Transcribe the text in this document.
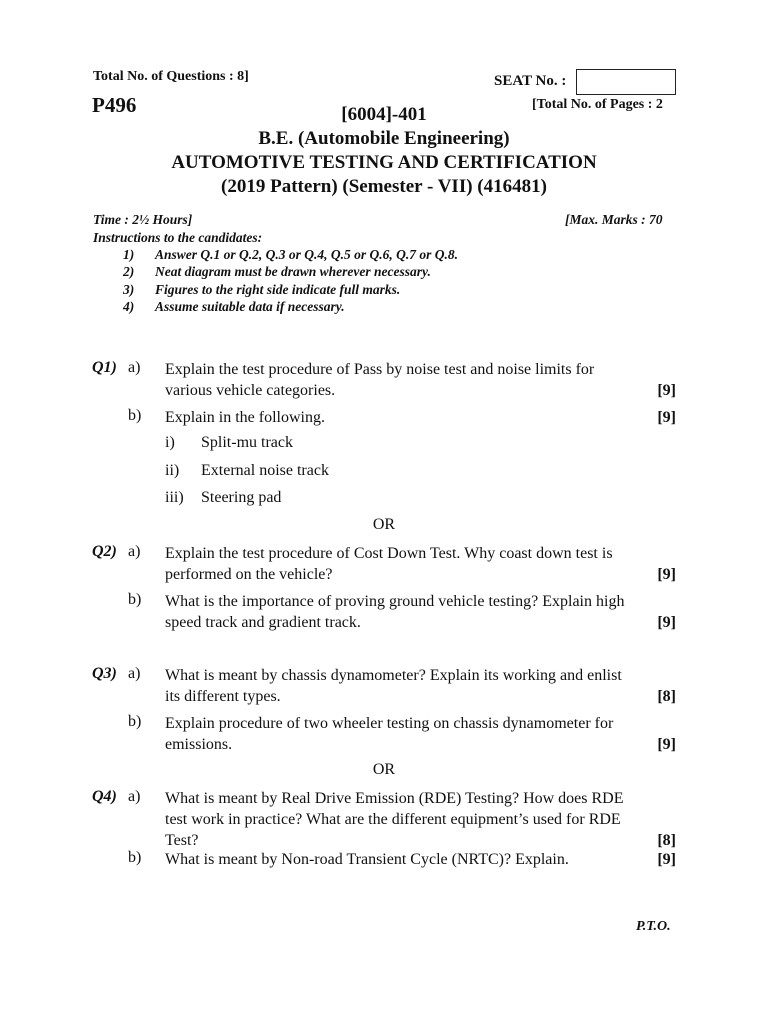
Total No. of Questions : 8]	SEAT No. :
P496	[Total No. of Pages : 2
[6004]-401
B.E. (Automobile Engineering)
AUTOMOTIVE TESTING AND CERTIFICATION
(2019 Pattern) (Semester - VII) (416481)
Time : 2½ Hours]	[Max. Marks : 70
Instructions to the candidates:
1) Answer Q.1 or Q.2, Q.3 or Q.4, Q.5 or Q.6, Q.7 or Q.8.
2) Neat diagram must be drawn wherever necessary.
3) Figures to the right side indicate full marks.
4) Assume suitable data if necessary.
Q1) a) Explain the test procedure of Pass by noise test and noise limits for
various vehicle categories.	[9]
b) Explain in the following.	[9]
i) Split-mu track
ii) External noise track
iii) Steering pad
OR
Q2) a) Explain the test procedure of Cost Down Test. Why coast down test is
performed on the vehicle?	[9]
b) What is the importance of proving ground vehicle testing? Explain high
speed track and gradient track.	[9]
Q3) a) What is meant by chassis dynamometer? Explain its working and enlist
its different types.	[8]
b) Explain procedure of two wheeler testing on chassis dynamometer for
emissions.	[9]
OR
Q4) a) What is meant by Real Drive Emission (RDE) Testing? How does RDE
test work in practice? What are the different equipment’s used for RDE
Test?	[8]
b) What is meant by Non-road Transient Cycle (NRTC)? Explain.	[9]
P.T.O.
